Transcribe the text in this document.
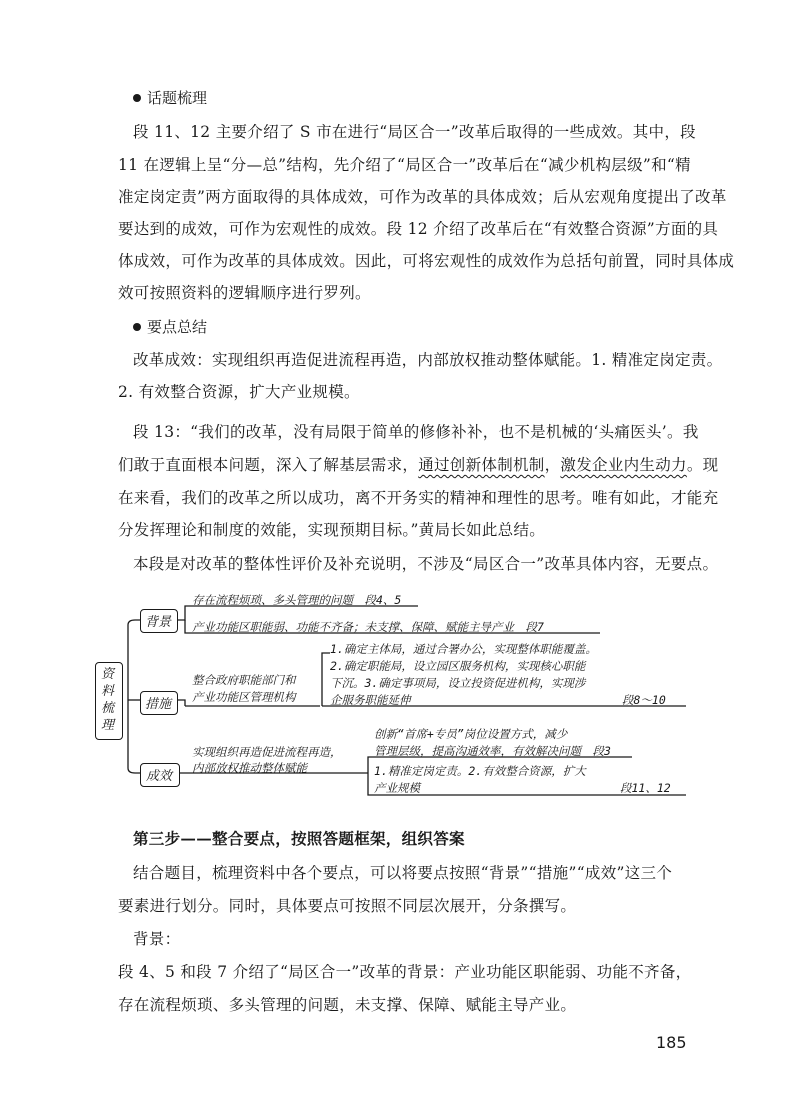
话题梳理
段 11、12 主要介绍了 S 市在进行“局区合一”改革后取得的一些成效。其中，段
11 在逻辑上呈“分—总”结构，先介绍了“局区合一”改革后在“减少机构层级”和“精
准定岗定责”两方面取得的具体成效，可作为改革的具体成效；后从宏观角度提出了改革
要达到的成效，可作为宏观性的成效。段 12 介绍了改革后在“有效整合资源”方面的具
体成效，可作为改革的具体成效。因此，可将宏观性的成效作为总括句前置，同时具体成
效可按照资料的逻辑顺序进行罗列。
要点总结
改革成效：实现组织再造促进流程再造，内部放权推动整体赋能。1. 精准定岗定责。
2. 有效整合资源，扩大产业规模。
段 13：“我们的改革，没有局限于简单的修修补补，也不是机械的‘头痛医头’。我
们敢于直面根本问题，深入了解基层需求，通过创新体制机制，激发企业内生动力。现
在来看，我们的改革之所以成功，离不开务实的精神和理性的思考。唯有如此，才能充
分发挥理论和制度的效能，实现预期目标。”黄局长如此总结。
本段是对改革的整体性评价及补充说明，不涉及“局区合一”改革具体内容，无要点。
资
料
梳
理
背景
存在流程烦琐、多头管理的问题　段4、5
产业功能区职能弱、功能不齐备；未支撑、保障、赋能主导产业　段7
措施
整合政府职能部门和
产业功能区管理机构
1.确定主体局，通过合署办公，实现整体职能覆盖。
2.确定职能局，设立园区服务机构，实现核心职能
下沉。3.确定事项局，设立投资促进机构，实现涉
企服务职能延伸	段8～10
成效
实现组织再造促进流程再造，
内部放权推动整体赋能
创新“首席+专员”岗位设置方式，减少
管理层级，提高沟通效率，有效解决问题　段3
1.精准定岗定责。2.有效整合资源，扩大
产业规模	段11、12
第三步——整合要点，按照答题框架，组织答案
结合题目，梳理资料中各个要点，可以将要点按照“背景”“措施”“成效”这三个
要素进行划分。同时，具体要点可按照不同层次展开，分条撰写。
背景：
段 4、5 和段 7 介绍了“局区合一”改革的背景：产业功能区职能弱、功能不齐备，
存在流程烦琐、多头管理的问题，未支撑、保障、赋能主导产业。
185
